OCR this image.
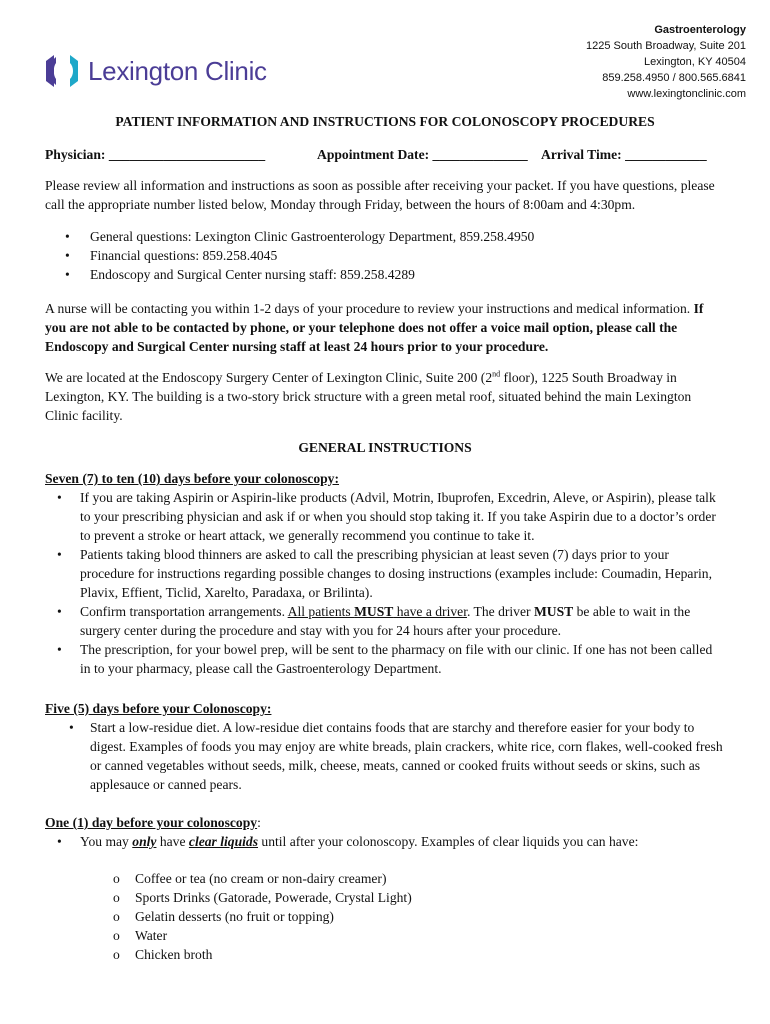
Lexington Clinic
Gastroenterology
1225 South Broadway, Suite 201
Lexington, KY 40504
859.258.4950 / 800.565.6841
www.lexingtonclinic.com
PATIENT INFORMATION AND INSTRUCTIONS FOR COLONOSCOPY PROCEDURES
Physician: _______________________	Appointment Date: ______________ Arrival Time: ____________

Please review all information and instructions as soon as possible after receiving your packet. If you have questions, please call the appropriate number listed below, Monday through Friday, between the hours of 8:00am and 4:30pm.

• General questions: Lexington Clinic Gastroenterology Department, 859.258.4950
• Financial questions: 859.258.4045
• Endoscopy and Surgical Center nursing staff: 859.258.4289

A nurse will be contacting you within 1-2 days of your procedure to review your instructions and medical information. If you are not able to be contacted by phone, or your telephone does not offer a voice mail option, please call the Endoscopy and Surgical Center nursing staff at least 24 hours prior to your procedure.

We are located at the Endoscopy Surgery Center of Lexington Clinic, Suite 200 (2nd floor), 1225 South Broadway in Lexington, KY. The building is a two-story brick structure with a green metal roof, situated behind the main Lexington Clinic facility.

GENERAL INSTRUCTIONS
Seven (7) to ten (10) days before your colonoscopy:
• If you are taking Aspirin or Aspirin-like products (Advil, Motrin, Ibuprofen, Excedrin, Aleve, or Aspirin), please talk to your prescribing physician and ask if or when you should stop taking it. If you take Aspirin due to a doctor’s order to prevent a stroke or heart attack, we generally recommend you continue to take it.
• Patients taking blood thinners are asked to call the prescribing physician at least seven (7) days prior to your procedure for instructions regarding possible changes to dosing instructions (examples include: Coumadin, Heparin, Plavix, Effient, Ticlid, Xarelto, Paradaxa, or Brilinta).
• Confirm transportation arrangements. All patients MUST have a driver. The driver MUST be able to wait in the surgery center during the procedure and stay with you for 24 hours after your procedure.
• The prescription, for your bowel prep, will be sent to the pharmacy on file with our clinic. If one has not been called in to your pharmacy, please call the Gastroenterology Department.
Five (5) days before your Colonoscopy:
• Start a low-residue diet. A low-residue diet contains foods that are starchy and therefore easier for your body to digest. Examples of foods you may enjoy are white breads, plain crackers, white rice, corn flakes, well-cooked fresh or canned vegetables without seeds, milk, cheese, meats, canned or cooked fruits without seeds or skins, such as applesauce or canned pears.
One (1) day before your colonoscopy:
• You may only have clear liquids until after your colonoscopy. Examples of clear liquids you can have:
o Coffee or tea (no cream or non-dairy creamer)
o Sports Drinks (Gatorade, Powerade, Crystal Light)
o Gelatin desserts (no fruit or topping)
o Water
o Chicken broth
